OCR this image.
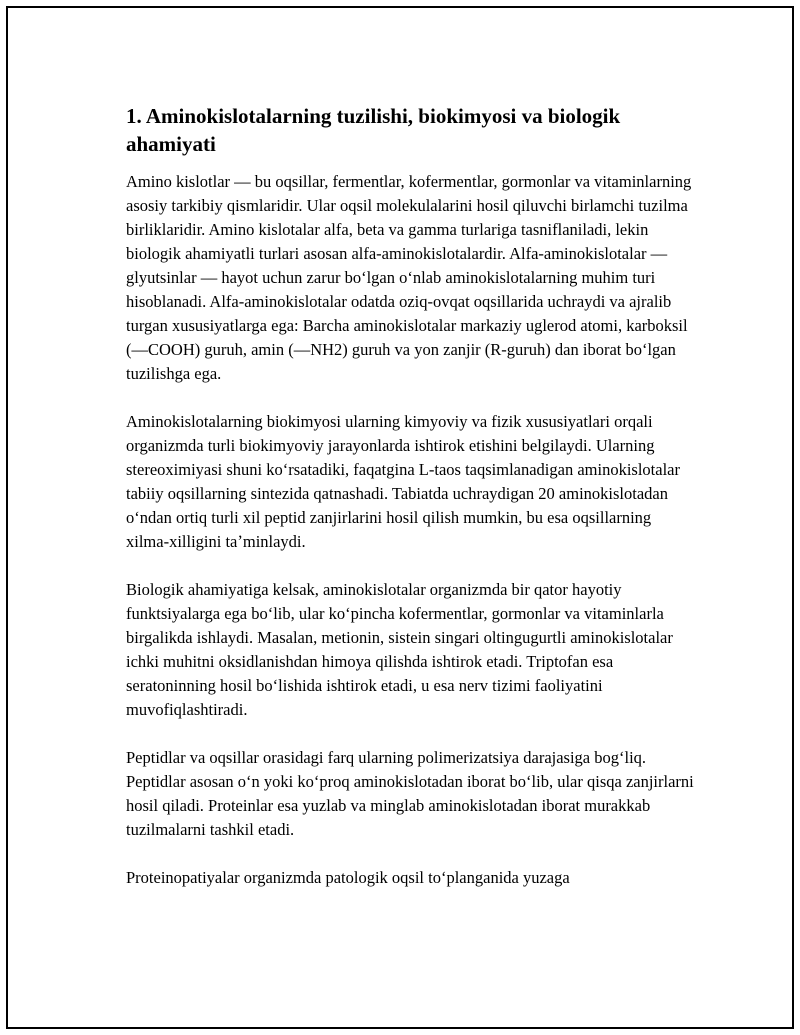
1. Aminokislotalarning tuzilishi, biokimyosi va biologik ahamiyati

Amino kislotlar — bu oqsillar, fermentlar, kofermentlar, gormonlar va vitaminlarning asosiy tarkibiy qismlaridir. Ular oqsil molekulalarini hosil qiluvchi birlamchi tuzilma birliklaridir. Amino kislotalar alfa, beta va gamma turlariga tasniflaniladi, lekin biologik ahamiyatli turlari asosan alfa-aminokislotalardir. Alfa-aminokislotalar — glyutsinlar — hayot uchun zarur boʻlgan oʻnlab aminokislotalarning muhim turi hisoblanadi. Alfa-aminokislotalar odatda oziq-ovqat oqsillarida uchraydi va ajralib turgan xususiyatlarga ega: Barcha aminokislotalar markaziy uglerod atomi, karboksil (—COOH) guruh, amin (—NH2) guruh va yon zanjir (R-guruh) dan iborat boʻlgan tuzilishga ega.

Aminokislotalarning biokimyosi ularning kimyoviy va fizik xususiyatlari orqali organizmda turli biokimyoviy jarayonlarda ishtirok etishini belgilaydi. Ularning stereoximiyasi shuni koʻrsatadiki, faqatgina L-taos taqsimlanadigan aminokislotalar tabiiy oqsillarning sintezida qatnashadi. Tabiatda uchraydigan 20 aminokislotadan oʻndan ortiq turli xil peptid zanjirlarini hosil qilish mumkin, bu esa oqsillarning xilma-xilligini taʼminlaydi.

Biologik ahamiyatiga kelsak, aminokislotalar organizmda bir qator hayotiy funktsiyalarga ega boʻlib, ular koʻpincha kofermentlar, gormonlar va vitaminlarla birgalikda ishlaydi. Masalan, metionin, sistein singari oltingugurtli aminokislotalar ichki muhitni oksidlanishdan himoya qilishda ishtirok etadi. Triptofan esa seratoninning hosil boʻlishida ishtirok etadi, u esa nerv tizimi faoliyatini muvofiqlashtiradi.

Peptidlar va oqsillar orasidagi farq ularning polimerizatsiya darajasiga bogʻliq. Peptidlar asosan oʻn yoki koʻproq aminokislotadan iborat boʻlib, ular qisqa zanjirlarni hosil qiladi. Proteinlar esa yuzlab va minglab aminokislotadan iborat murakkab tuzilmalarni tashkil etadi.

Proteinopatiyalar organizmda patologik oqsil toʻplanganida yuzaga
